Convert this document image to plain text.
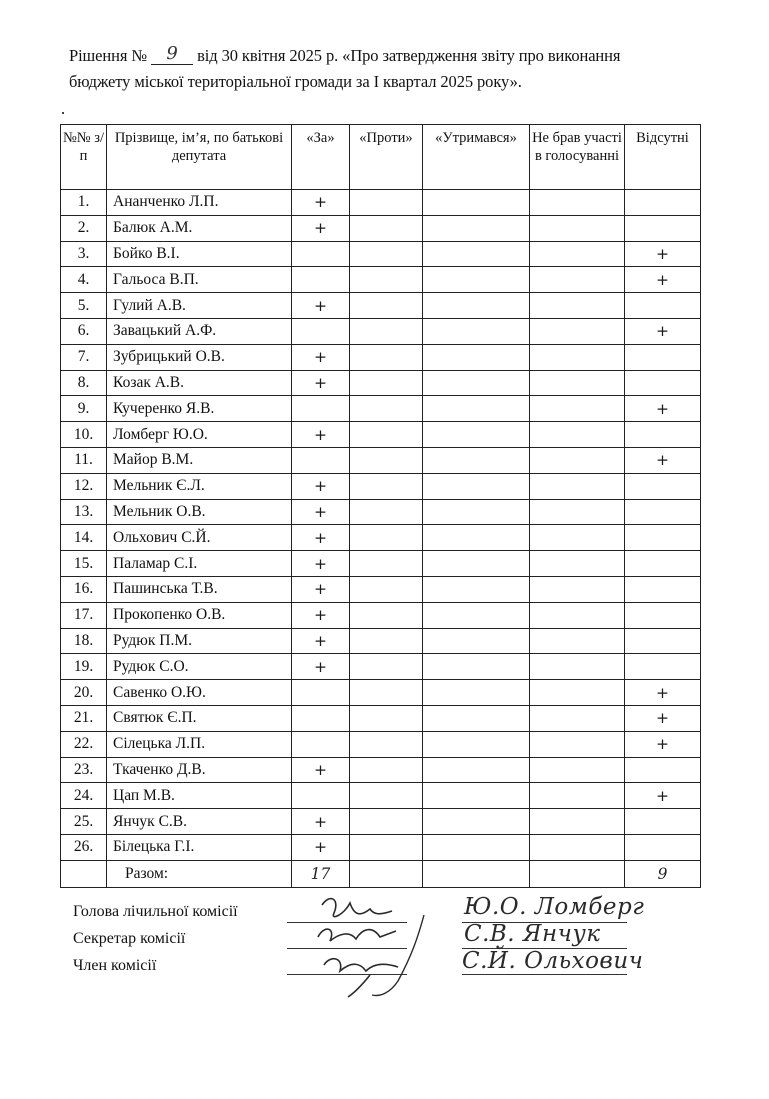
Рішення № 9 від 30 квітня 2025 р. «Про затвердження звіту про виконання
бюджету міської територіальної громади за І квартал 2025 року».
№№ з/п	Прізвище, ім’я, по батькові депутата	«За»	«Проти»	«Утримався»	Не брав участі в голосуванні	Відсутні
1.	Ананченко Л.П.	+				
2.	Балюк А.М.	+				
3.	Бойко В.І.					+
4.	Гальоса В.П.					+
5.	Гулий А.В.	+				
6.	Завацький А.Ф.					+
7.	Зубрицький О.В.	+				
8.	Козак А.В.	+				
9.	Кучеренко Я.В.					+
10.	Ломберг Ю.О.	+				
11.	Майор В.М.					+
12.	Мельник Є.Л.	+				
13.	Мельник О.В.	+				
14.	Ольхович С.Й.	+				
15.	Паламар С.І.	+				
16.	Пашинська Т.В.	+				
17.	Прокопенко О.В.	+				
18.	Рудюк П.М.	+				
19.	Рудюк С.О.	+				
20.	Савенко О.Ю.					+
21.	Святюк Є.П.					+
22.	Сілецька Л.П.					+
23.	Ткаченко Д.В.	+				
24.	Цап М.В.					+
25.	Янчук С.В.	+				
26.	Білецька Г.І.	+				
	Разом:	17				9
Голова лічильної комісії
Секретар комісії
Член комісії
Ю.О. Ломберг
С.В. Янчук
С.Й. Ольхович
